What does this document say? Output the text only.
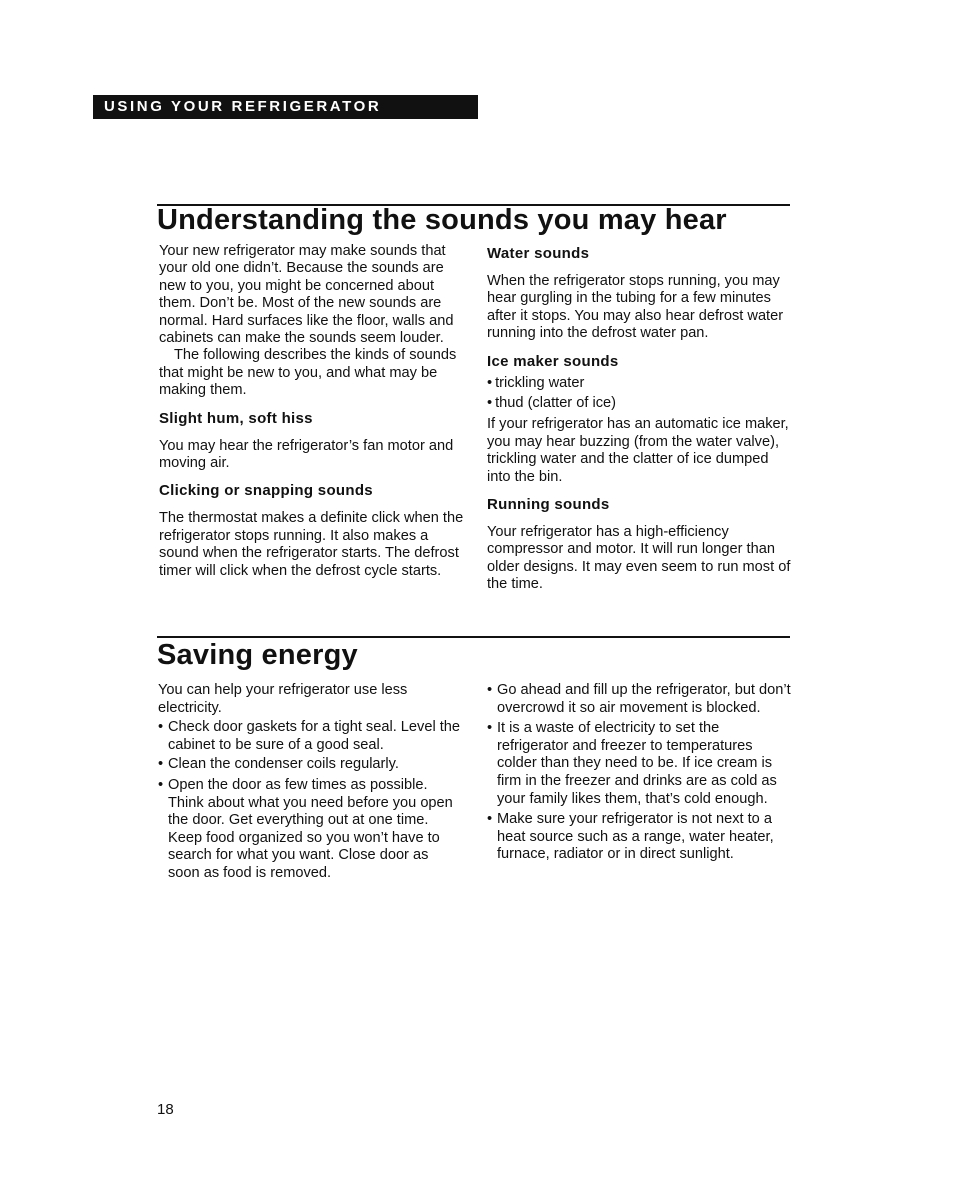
USING YOUR REFRIGERATOR
Understanding the sounds you may hear

Your new refrigerator may make sounds that your old one didn’t. Because the sounds are new to you, you might be concerned about them. Don’t be. Most of the new sounds are normal. Hard surfaces like the floor, walls and cabinets can make the sounds seem louder.

The following describes the kinds of sounds that might be new to you, and what may be making them.

Slight hum, soft hiss

You may hear the refrigerator’s fan motor and moving air.

Clicking or snapping sounds

The thermostat makes a definite click when the refrigerator stops running. It also makes a sound when the refrigerator starts. The defrost timer will click when the defrost cycle starts.

Water sounds

When the refrigerator stops running, you may hear gurgling in the tubing for a few minutes after it stops. You may also hear defrost water running into the defrost water pan.

Ice maker sounds
• trickling water
• thud (clatter of ice)

If your refrigerator has an automatic ice maker, you may hear buzzing (from the water valve), trickling water and the clatter of ice dumped into the bin.

Running sounds

Your refrigerator has a high-efficiency compressor and motor. It will run longer than older designs. It may even seem to run most of the time.

Saving energy

You can help your refrigerator use less electricity.

• Check door gaskets for a tight seal. Level the cabinet to be sure of a good seal.
• Clean the condenser coils regularly.
• Open the door as few times as possible. Think about what you need before you open the door. Get everything out at one time. Keep food organized so you won’t have to search for what you want. Close door as soon as food is removed.
• Go ahead and fill up the refrigerator, but don’t overcrowd it so air movement is blocked.
• It is a waste of electricity to set the refrigerator and freezer to temperatures colder than they need to be. If ice cream is firm in the freezer and drinks are as cold as your family likes them, that’s cold enough.
• Make sure your refrigerator is not next to a heat source such as a range, water heater, furnace, radiator or in direct sunlight.
18
